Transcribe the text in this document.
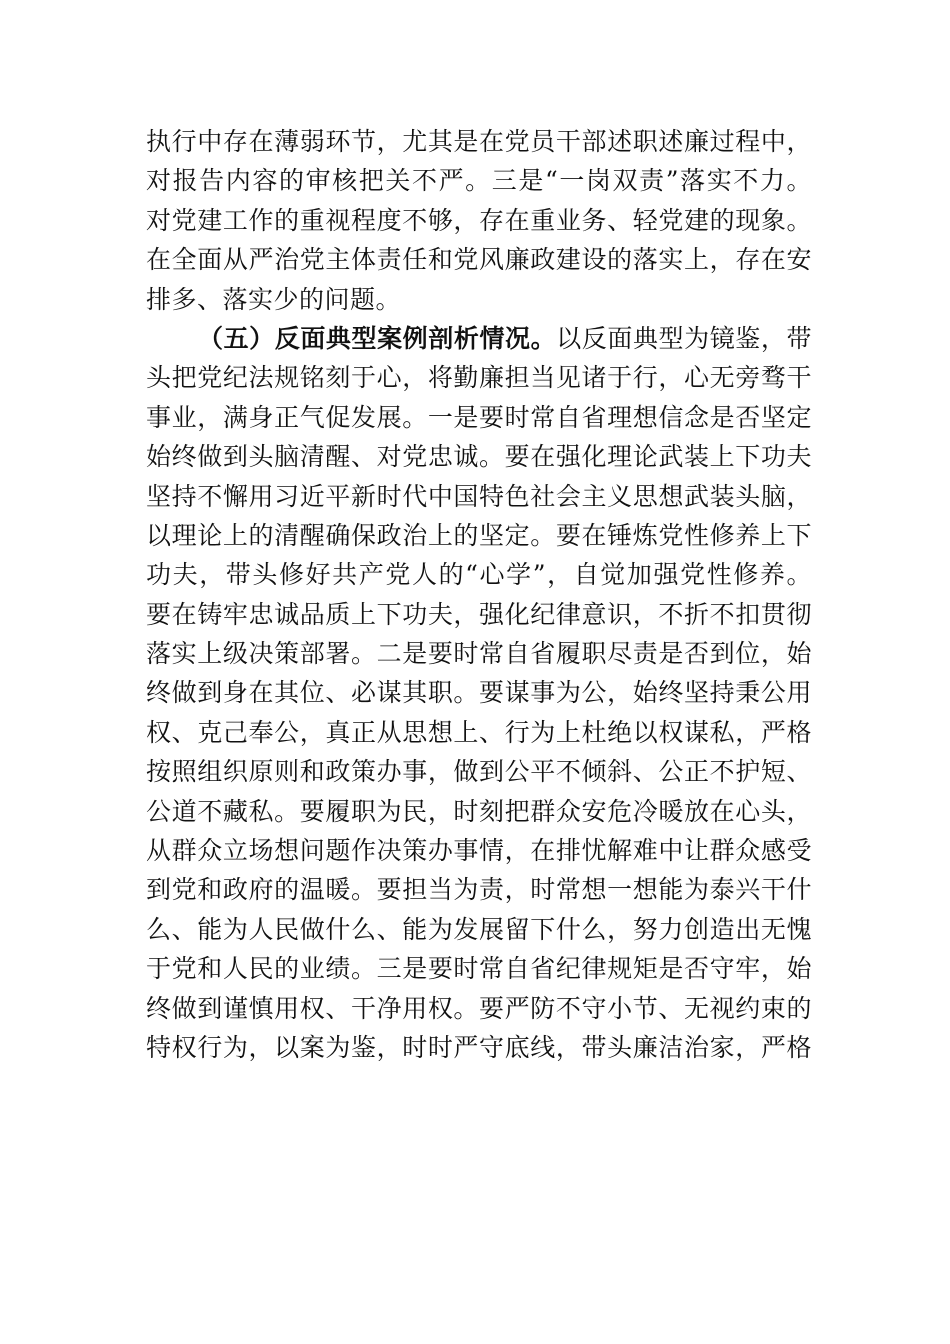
执行中存在薄弱环节，尤其是在党员干部述职述廉过程中，
对报告内容的审核把关不严。三是“一岗双责”落实不力。
对党建工作的重视程度不够，存在重业务、轻党建的现象。
在全面从严治党主体责任和党风廉政建设的落实上，存在安
排多、落实少的问题。
（五）反面典型案例剖析情况。以反面典型为镜鉴，带
头把党纪法规铭刻于心，将勤廉担当见诸于行，心无旁骛干
事业，满身正气促发展。一是要时常自省理想信念是否坚定
始终做到头脑清醒、对党忠诚。要在强化理论武装上下功夫
坚持不懈用习近平新时代中国特色社会主义思想武装头脑，
以理论上的清醒确保政治上的坚定。要在锤炼党性修养上下
功夫，带头修好共产党人的“心学”，自觉加强党性修养。
要在铸牢忠诚品质上下功夫，强化纪律意识，不折不扣贯彻
落实上级决策部署。二是要时常自省履职尽责是否到位，始
终做到身在其位、必谋其职。要谋事为公，始终坚持秉公用
权、克己奉公，真正从思想上、行为上杜绝以权谋私，严格
按照组织原则和政策办事，做到公平不倾斜、公正不护短、
公道不藏私。要履职为民，时刻把群众安危冷暖放在心头，
从群众立场想问题作决策办事情，在排忧解难中让群众感受
到党和政府的温暖。要担当为责，时常想一想能为泰兴干什
么、能为人民做什么、能为发展留下什么，努力创造出无愧
于党和人民的业绩。三是要时常自省纪律规矩是否守牢，始
终做到谨慎用权、干净用权。要严防不守小节、无视约束的
特权行为，以案为鉴，时时严守底线，带头廉洁治家，严格
